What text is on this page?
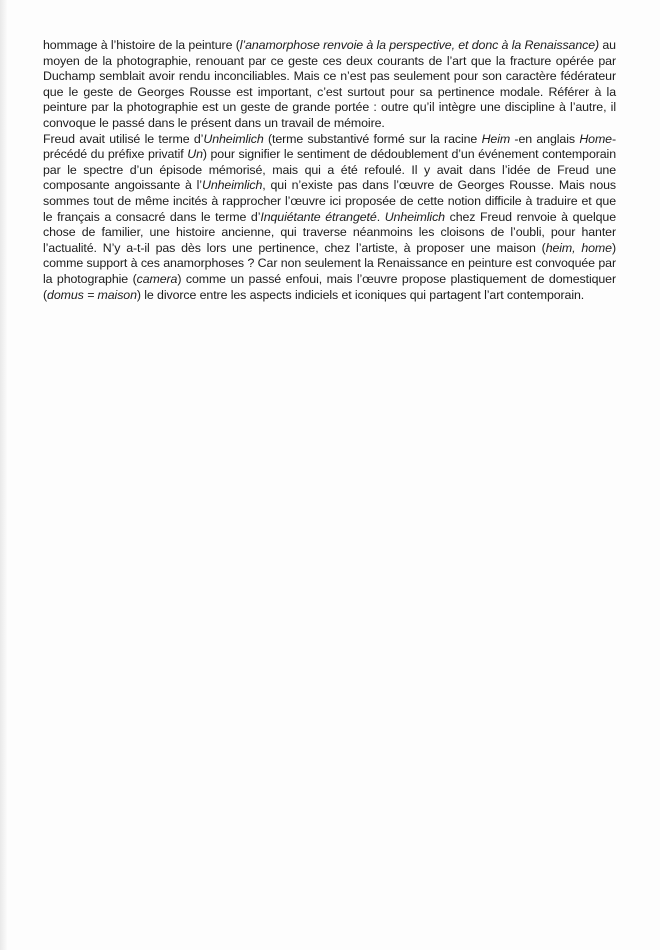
hommage à l’histoire de la peinture (l’anamorphose renvoie à la perspective, et donc à la Renaissance) au moyen de la photographie, renouant par ce geste ces deux courants de l’art que la fracture opérée par Duchamp semblait avoir rendu inconciliables. Mais ce n’est pas seulement pour son caractère fédérateur que le geste de Georges Rousse est important, c’est surtout pour sa pertinence modale. Référer à la peinture par la photographie est un geste de grande portée : outre qu’il intègre une discipline à l’autre, il convoque le passé dans le présent dans un travail de mémoire.

Freud avait utilisé le terme d’Unheimlich (terme substantivé formé sur la racine Heim -en anglais Home- précédé du préfixe privatif Un) pour signifier le sentiment de dédoublement d’un événement contemporain par le spectre d’un épisode mémorisé, mais qui a été refoulé. Il y avait dans l’idée de Freud une composante angoissante à l’Unheimlich, qui n’existe pas dans l’œuvre de Georges Rousse. Mais nous sommes tout de même incités à rapprocher l’œuvre ici proposée de cette notion difficile à traduire et que le français a consacré dans le terme d’Inquiétante étrangeté. Unheimlich chez Freud renvoie à quelque chose de familier, une histoire ancienne, qui traverse néanmoins les cloisons de l’oubli, pour hanter l’actualité. N’y a-t-il pas dès lors une pertinence, chez l’artiste, à proposer une maison (heim, home) comme support à ces anamorphoses ? Car non seulement la Renaissance en peinture est convoquée par la photographie (camera) comme un passé enfoui, mais l’œuvre propose plastiquement de domestiquer (domus = maison) le divorce entre les aspects indiciels et iconiques qui partagent l’art contemporain.
